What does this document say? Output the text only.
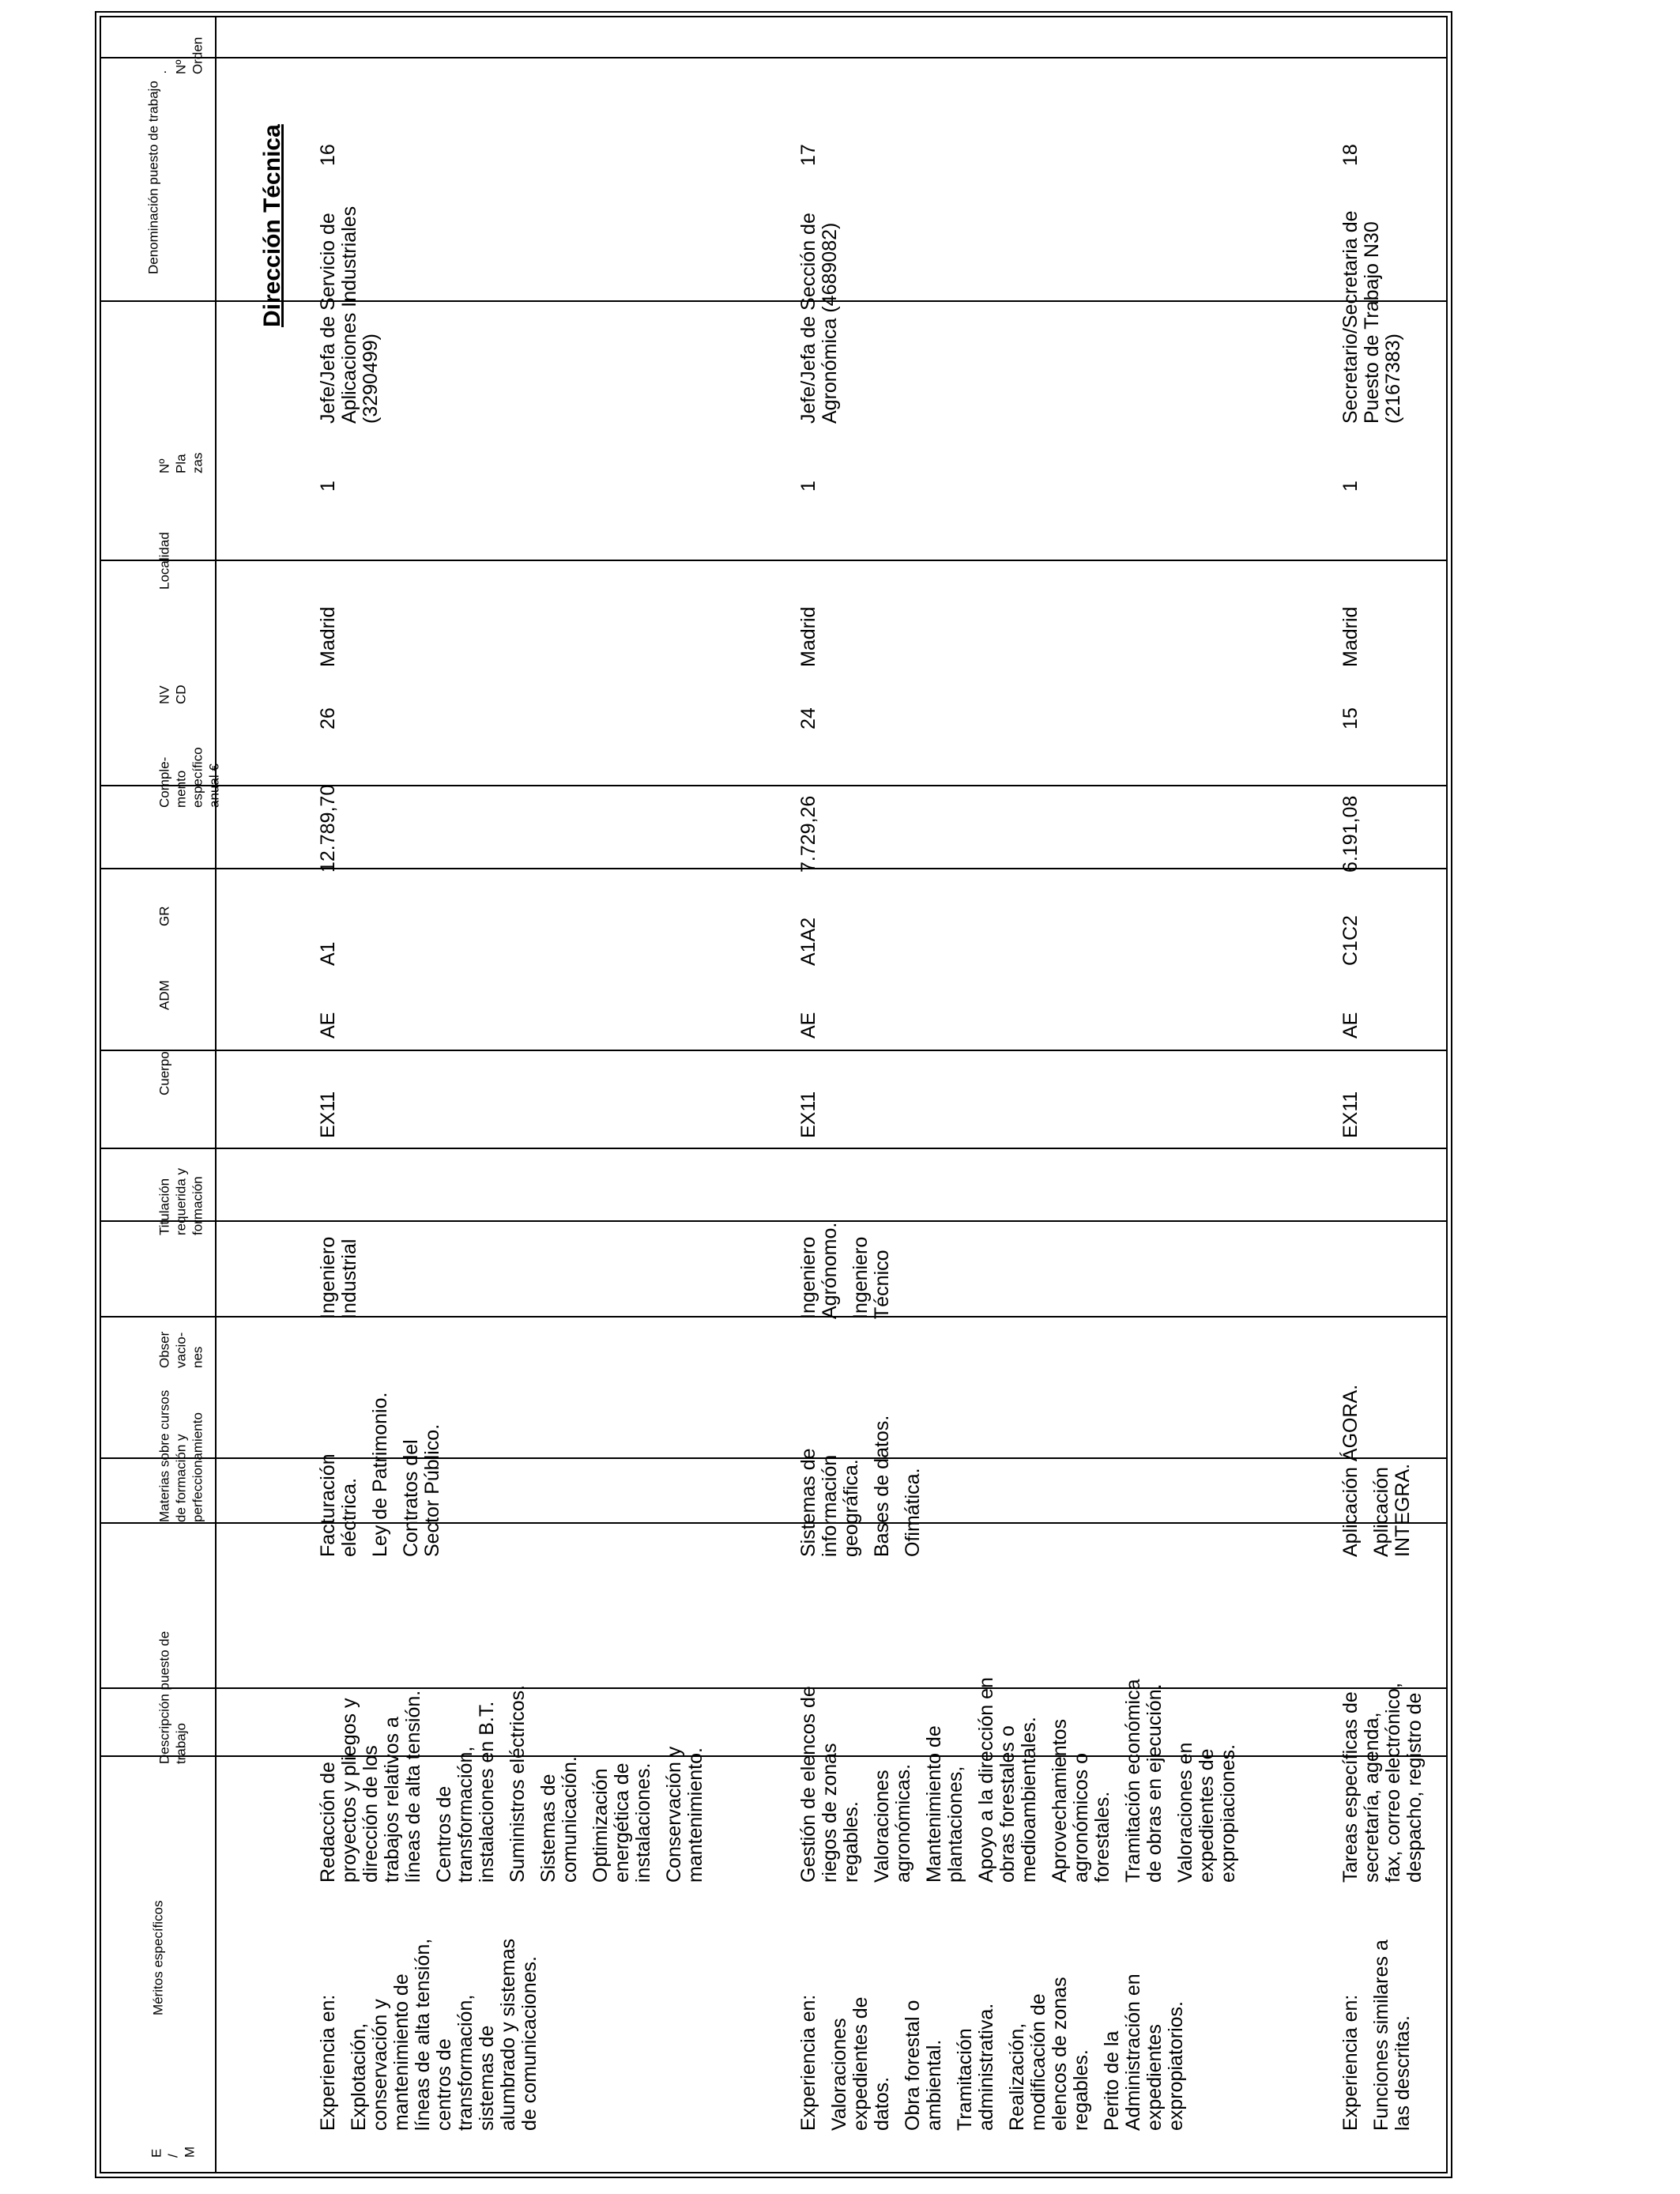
· Nº Orden
Denominación puesto de trabajo
Nº Pla zas
Localidad
NV CD
Comple- mento específico anual €
GR
ADM
Cuerpo
Titulación requerida y formación
Obser vacio- nes
Materias sobre cursos de formación y perfeccionamiento
Descripción puesto de trabajo
Méritos específicos
E / M
Dirección Técnica 16
Jefe/Jefa de Servicio de Aplicaciones Industriales (3290499)
1
Madrid
26
12.789,70
A1
AE
EX11
Ingeniero Industrial
Facturación eléctrica. Ley de Patrimonio. Contratos del Sector Público.
Redacción de proyectos y pliegos y dirección de los trabajos relativos a líneas de alta tensión. Centros de transformación, instalaciones en B.T. Suministros eléctricos. Sistemas de comunicación. Optimización energética de instalaciones. Conservación y mantenimiento.
Experiencia en: Explotación, conservación y mantenimiento de líneas de alta tensión, centros de transformación, sistemas de alumbrado y sistemas de comunicaciones.
17
Jefe/Jefa de Sección de Agronómica (4689082)
1
Madrid
24
7.729,26
A1A2
AE
EX11
Ingeniero Agrónomo. Ingeniero Técnico
Sistemas de información geográfica. Bases de datos. Ofimática.
Gestión de elencos de riegos de zonas regables. Valoraciones agronómicas. Mantenimiento de plantaciones, Apoyo a la dirección en obras forestales o medioambientales. Aprovechamientos agronómicos o forestales. Tramitación económica de obras en ejecución. Valoraciones en expedientes de expropiaciones.
Experiencia en: Valoraciones expedientes de datos. Obra forestal o ambiental. Tramitación administrativa. Realización, modificación de elencos de zonas regables. Perito de la Administración en expedientes expropiatorios.
18
Secretario/Secretaria de Puesto de Trabajo N30 (2167383)
1
Madrid
15
6.191,08
C1C2
AE
EX11
Aplicación ÁGORA. Aplicación INTEGRA.
Tareas específicas de secretaría, agenda, fax, correo electrónico, despacho, registro de
Experiencia en: Funciones similares a las descritas.
